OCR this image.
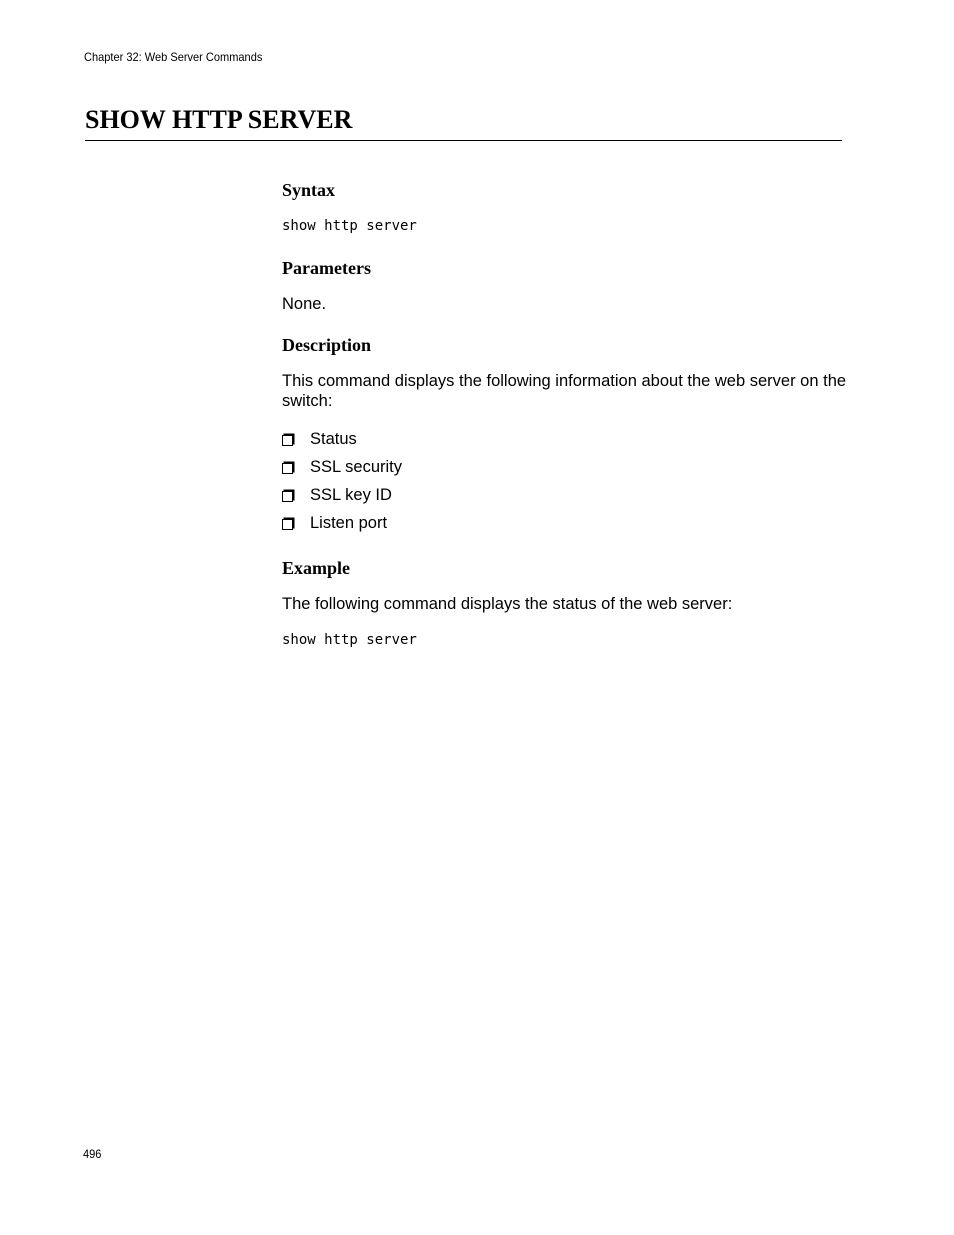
Chapter 32: Web Server Commands
SHOW HTTP SERVER
Syntax

show http server

Parameters

None.

Description

This command displays the following information about the web server on the switch:

Status
SSL security
SSL key ID
Listen port
Example

The following command displays the status of the web server:

show http server

496
